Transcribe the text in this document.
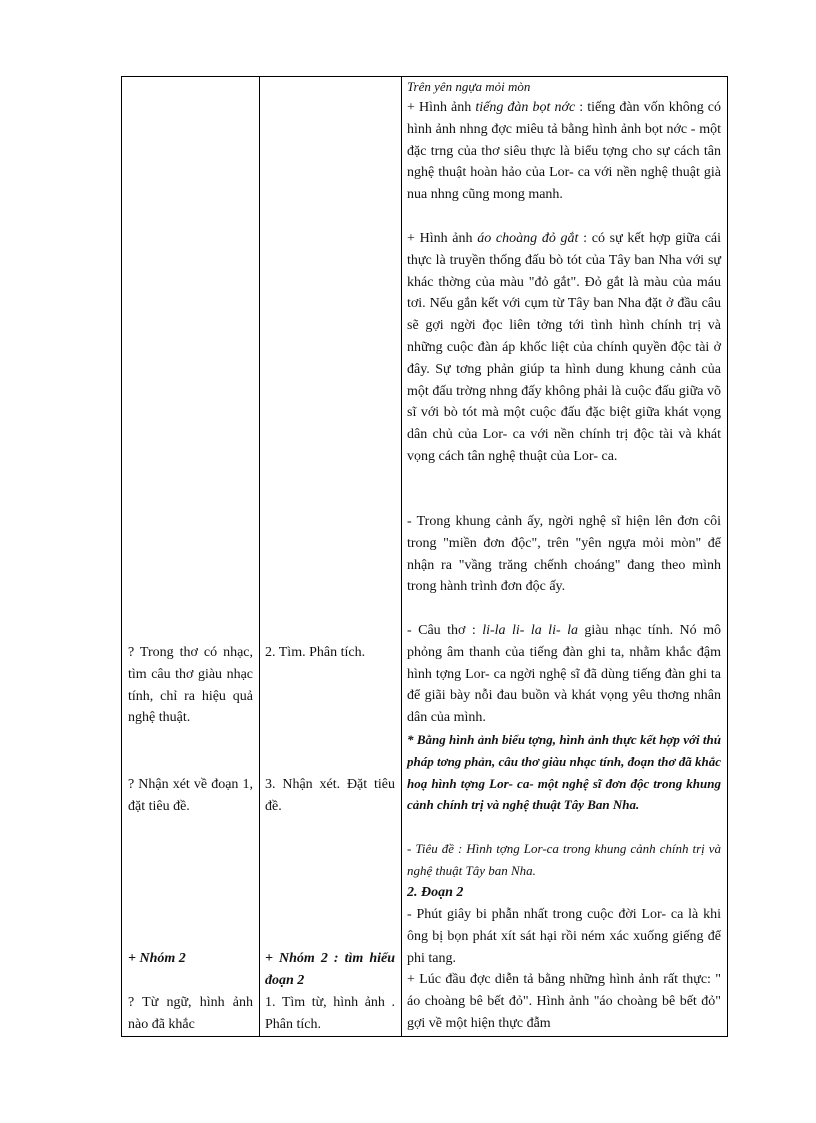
? Trong thơ có nhạc, tìm câu thơ giàu nhạc tính, chỉ ra hiệu quả nghệ thuật.
? Nhận xét về đoạn 1, đặt tiêu đề.
+ Nhóm 2
? Từ ngữ, hình ảnh nào đã khắc
2. Tìm. Phân tích.
3. Nhận xét. Đặt tiêu đề.
+ Nhóm 2 : tìm hiểu đoạn 2
1. Tìm từ, hình ảnh . Phân tích.
Trên yên ngựa mỏi mòn
+ Hình ảnh tiếng đàn bọt nớc : tiếng đàn vốn không có hình ảnh nhng đợc miêu tả bằng hình ảnh bọt nớc - một đặc trng của thơ siêu thực là biểu tợng cho sự cách tân nghệ thuật hoàn hảo của Lor- ca với nền nghệ thuật già nua nhng cũng mong manh.
+ Hình ảnh áo choàng đỏ gắt : có sự kết hợp giữa cái thực là truyền thống đấu bò tót của Tây ban Nha với sự khác thờng của màu "đỏ gắt". Đỏ gắt là màu của máu tơi. Nếu gắn kết với cụm từ Tây ban Nha đặt ở đầu câu sẽ gợi ngời đọc liên tởng tới tình hình chính trị và những cuộc đàn áp khốc liệt của chính quyền độc tài ở đây. Sự tơng phản giúp ta hình dung khung cảnh của một đấu trờng nhng đấy không phải là cuộc đấu giữa võ sĩ với bò tót mà một cuộc đấu đặc biệt giữa khát vọng dân chủ của Lor- ca với nền chính trị độc tài và khát vọng cách tân nghệ thuật của Lor- ca.
- Trong khung cảnh ấy, ngời nghệ sĩ hiện lên đơn côi trong "miền đơn độc", trên "yên ngựa mỏi mòn" để nhận ra "vầng trăng chếnh choáng" đang theo mình trong hành trình đơn độc ấy.
- Câu thơ : li-la li- la li- la giàu nhạc tính. Nó mô phỏng âm thanh của tiếng đàn ghi ta, nhằm khắc đậm hình tợng Lor- ca ngời nghệ sĩ đã dùng tiếng đàn ghi ta để giãi bày nỗi đau buồn và khát vọng yêu thơng nhân dân của mình.
* Bằng hình ảnh biểu tợng, hình ảnh thực kết hợp với thủ pháp tơng phản, câu thơ giàu nhạc tính, đoạn thơ đã khắc hoạ hình tợng Lor- ca- một nghệ sĩ đơn độc trong khung cảnh chính trị và nghệ thuật Tây Ban Nha.
- Tiêu đề : Hình tợng Lor-ca trong khung cảnh chính trị và nghệ thuật Tây ban Nha.
2. Đoạn 2
- Phút giây bi phẫn nhất trong cuộc đời Lor- ca là khi ông bị bọn phát xít sát hại rồi ném xác xuống giếng để phi tang.
+ Lúc đầu đợc diễn tả bằng những hình ảnh rất thực: " áo choàng bê bết đỏ". Hình ảnh "áo choàng bê bết đỏ" gợi về một hiện thực đẫm
